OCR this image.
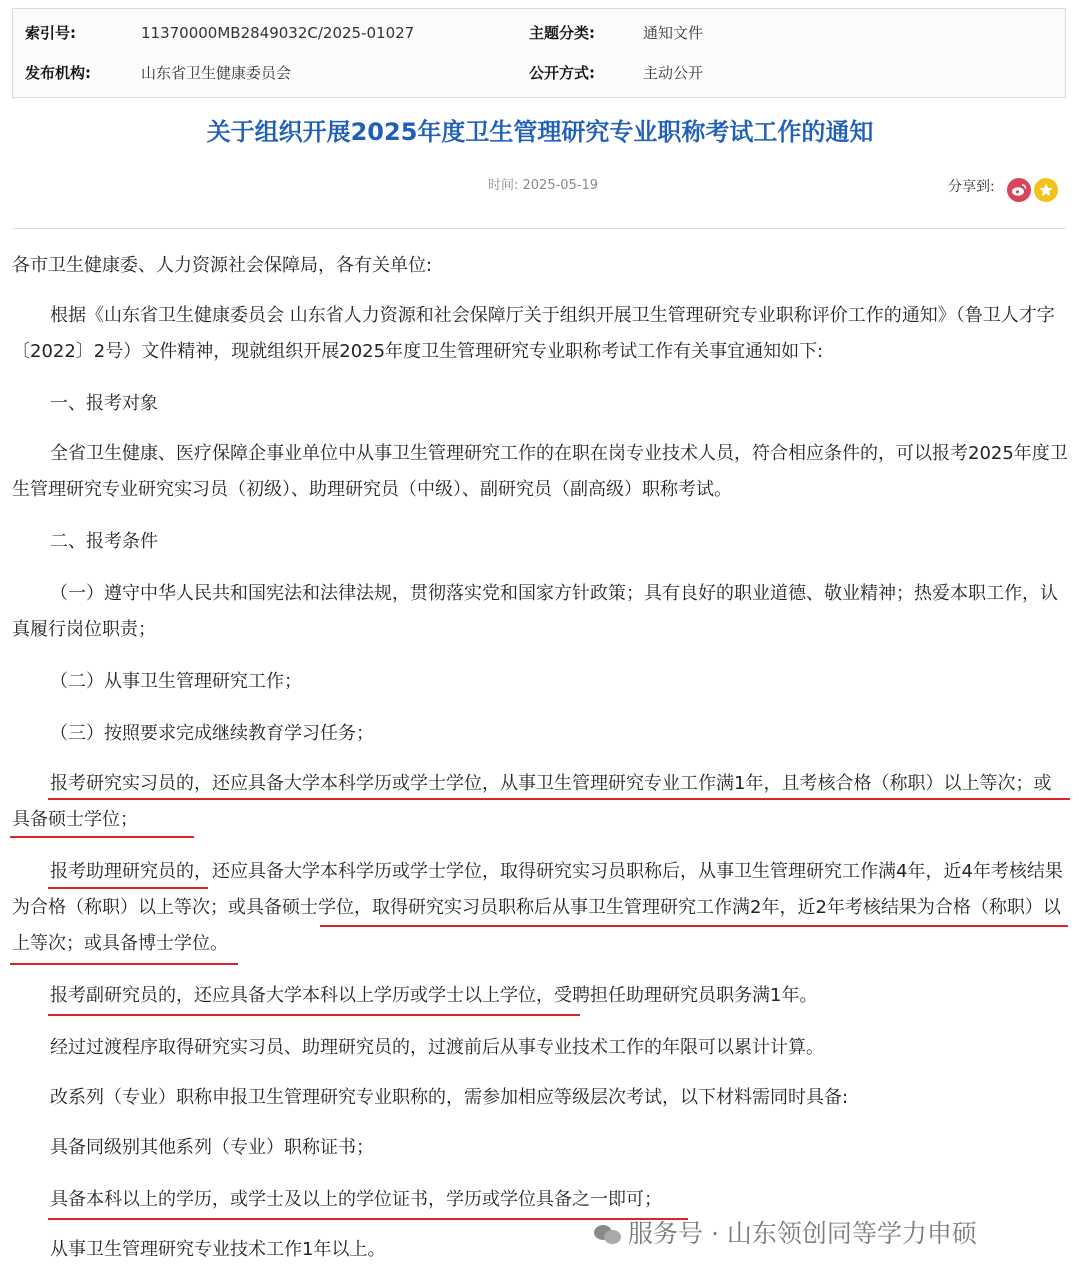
索引号:	11370000MB2849032C/2025-01027	主题分类:	通知文件
发布机构:	山东省卫生健康委员会	公开方式:	主动公开
关于组织开展2025年度卫生管理研究专业职称考试工作的通知
时间: 2025-05-19	分享到:
各市卫生健康委、人力资源社会保障局，各有关单位:
根据《山东省卫生健康委员会 山东省人力资源和社会保障厅关于组织开展卫生管理研究专业职称评价工作的通知》（鲁卫人才字〔2022〕2号）文件精神，现就组织开展2025年度卫生管理研究专业职称考试工作有关事宜通知如下:
一、报考对象
全省卫生健康、医疗保障企事业单位中从事卫生管理研究工作的在职在岗专业技术人员，符合相应条件的，可以报考2025年度卫生管理研究专业研究实习员（初级）、助理研究员（中级）、副研究员（副高级）职称考试。
二、报考条件
（一）遵守中华人民共和国宪法和法律法规，贯彻落实党和国家方针政策；具有良好的职业道德、敬业精神；热爱本职工作，认真履行岗位职责；
（二）从事卫生管理研究工作；
（三）按照要求完成继续教育学习任务；
报考研究实习员的，还应具备大学本科学历或学士学位，从事卫生管理研究专业工作满1年，且考核合格（称职）以上等次；或具备硕士学位；
报考助理研究员的，还应具备大学本科学历或学士学位，取得研究实习员职称后，从事卫生管理研究工作满4年，近4年考核结果为合格（称职）以上等次；或具备硕士学位，取得研究实习员职称后从事卫生管理研究工作满2年，近2年考核结果为合格（称职）以上等次；或具备博士学位。
报考副研究员的，还应具备大学本科以上学历或学士以上学位，受聘担任助理研究员职务满1年。
经过过渡程序取得研究实习员、助理研究员的，过渡前后从事专业技术工作的年限可以累计计算。
改系列（专业）职称申报卫生管理研究专业职称的，需参加相应等级层次考试，以下材料需同时具备:
具备同级别其他系列（专业）职称证书；
具备本科以上的学历，或学士及以上的学位证书，学历或学位具备之一即可；
从事卫生管理研究专业技术工作1年以上。
服务号 · 山东领创同等学力申硕
